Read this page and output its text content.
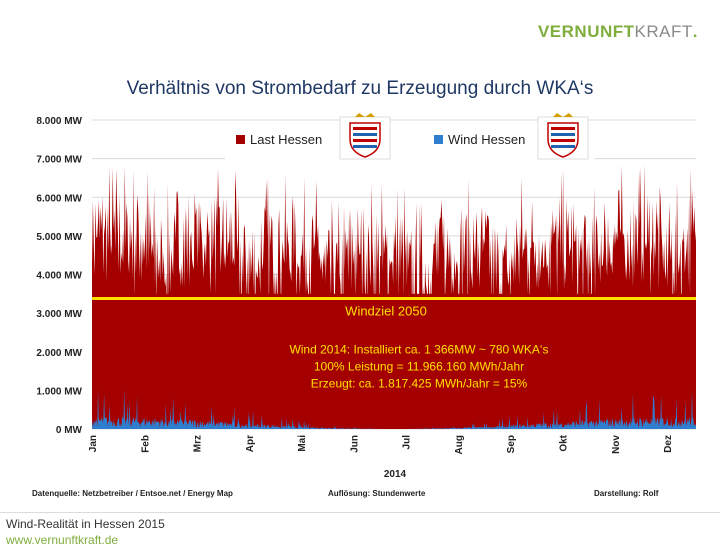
VERNUNFTKRAFT.
Verhältnis von Strombedarf zu Erzeugung durch WKA‘s
0 MW
1.000 MW
2.000 MW
3.000 MW
4.000 MW
5.000 MW
6.000 MW
7.000 MW
8.000 MW
Windziel 2050
Wind 2014: Installiert ca. 1 366MW ~ 780 WKA‘s
100% Leistung = 11.966.160 MWh/Jahr
Erzeugt: ca. 1.817.425 MWh/Jahr = 15%
Last Hessen	Wind Hessen
Jan	Feb	Mrz	Apr	Mai	Jun	Jul	Aug	Sep	Okt	Nov	Dez
2014
Datenquelle: Netzbetreiber / Entsoe.net / Energy Map	Auflösung: Stundenwerte	Darstellung: Rolf
Wind-Realität in Hessen 2015
www.vernunftkraft.de
